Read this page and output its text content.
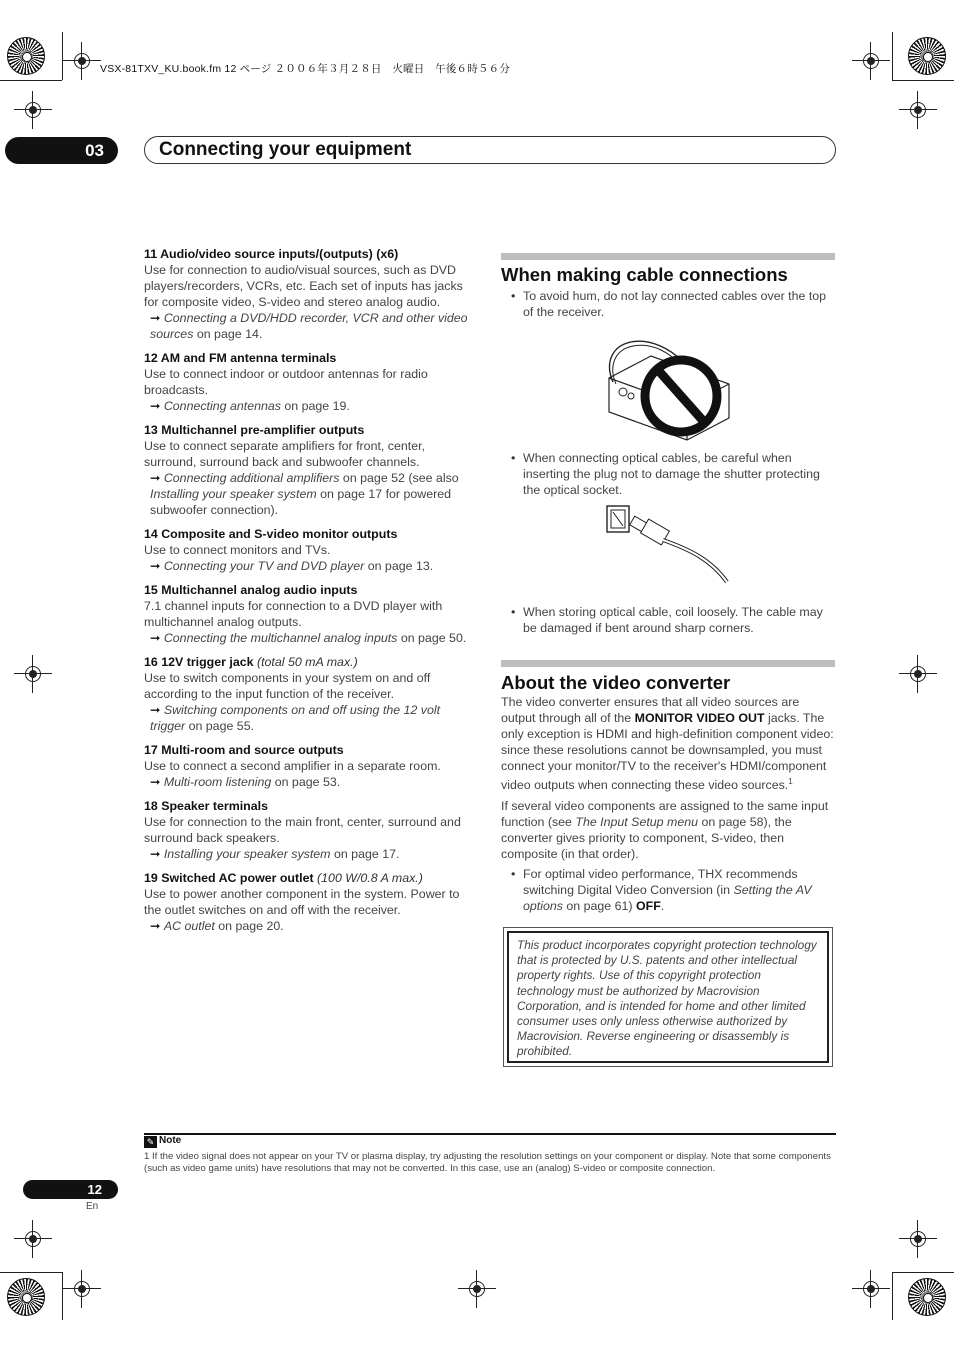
VSX-81TXV_KU.book.fm 12 ページ ２００６年３月２８日　火曜日　午後６時５６分
03	Connecting your equipment
11 Audio/video source inputs/(outputs) (x6)
Use for connection to audio/visual sources, such as DVD players/recorders, VCRs, etc. Each set of inputs has jacks for composite video, S-video and stereo analog audio.
➞ Connecting a DVD/HDD recorder, VCR and other video sources on page 14.
12 AM and FM antenna terminals
Use to connect indoor or outdoor antennas for radio broadcasts.
➞ Connecting antennas on page 19.
13 Multichannel pre-amplifier outputs
Use to connect separate amplifiers for front, center, surround, surround back and subwoofer channels.
➞ Connecting additional amplifiers on page 52 (see also Installing your speaker system on page 17 for powered subwoofer connection).
14 Composite and S-video monitor outputs
Use to connect monitors and TVs.
➞ Connecting your TV and DVD player on page 13.
15 Multichannel analog audio inputs
7.1 channel inputs for connection to a DVD player with multichannel analog outputs.
➞ Connecting the multichannel analog inputs on page 50.
16 12V trigger jack (total 50 mA max.)
Use to switch components in your system on and off according to the input function of the receiver.
➞ Switching components on and off using the 12 volt trigger on page 55.
17 Multi-room and source outputs
Use to connect a second amplifier in a separate room.
➞ Multi-room listening on page 53.
18 Speaker terminals
Use for connection to the main front, center, surround and surround back speakers.
➞ Installing your speaker system on page 17.
19 Switched AC power outlet (100 W/0.8 A max.)
Use to power another component in the system. Power to the outlet switches on and off with the receiver.
➞ AC outlet on page 20.
When making cable connections
• To avoid hum, do not lay connected cables over the top of the receiver.
• When connecting optical cables, be careful when inserting the plug not to damage the shutter protecting the optical socket.
• When storing optical cable, coil loosely. The cable may be damaged if bent around sharp corners.
About the video converter
The video converter ensures that all video sources are output through all of the MONITOR VIDEO OUT jacks. The only exception is HDMI and high-definition component video: since these resolutions cannot be downsampled, you must connect your monitor/TV to the receiver's HDMI/component video outputs when connecting these video sources.$^1$
If several video components are assigned to the same input function (see The Input Setup menu on page 58), the converter gives priority to component, S-video, then composite (in that order).
• For optimal video performance, THX recommends switching Digital Video Conversion (in Setting the AV options on page 61) OFF.
This product incorporates copyright protection technology that is protected by U.S. patents and other intellectual property rights. Use of this copyright protection technology must be authorized by Macrovision Corporation, and is intended for home and other limited consumer uses only unless otherwise authorized by Macrovision. Reverse engineering or disassembly is prohibited.
✎ Note
1 If the video signal does not appear on your TV or plasma display, try adjusting the resolution settings on your component or display. Note that some components (such as video game units) have resolutions that may not be converted. In this case, use an (analog) S-video or composite connection.
12
En
